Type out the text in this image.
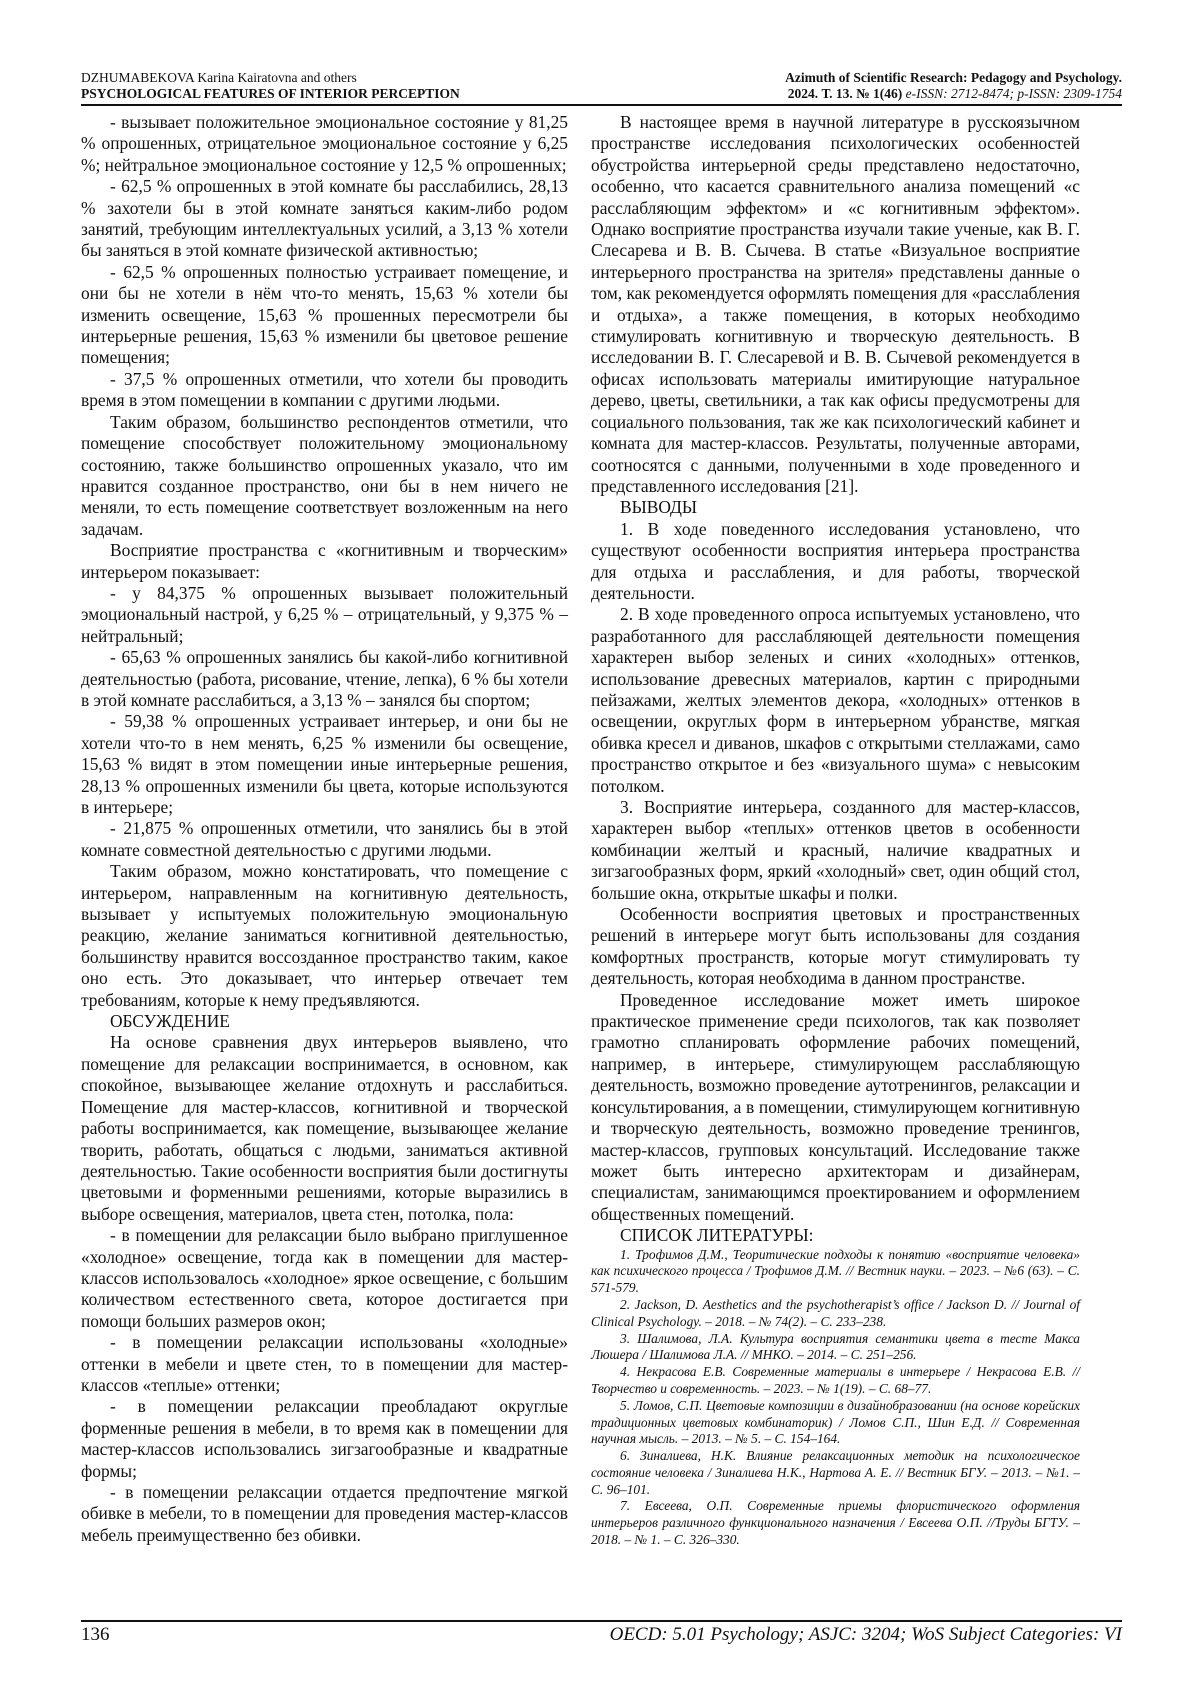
DZHUMABEKOVA Karina Kairatovna and others
PSYCHOLOGICAL FEATURES OF INTERIOR PERCEPTION
Azimuth of Scientific Research: Pedagogy and Psychology.
2024. Т. 13. № 1(46) e-ISSN: 2712-8474; p-ISSN: 2309-1754

- вызывает положительное эмоциональное состояние у 81,25 % опрошенных, отрицательное эмоциональное состояние у 6,25 %; нейтральное эмоциональное состояние у 12,5 % опрошенных;

- 62,5 % опрошенных в этой комнате бы расслабились, 28,13 % захотели бы в этой комнате заняться каким-либо родом занятий, требующим интеллектуальных усилий, а 3,13 % хотели бы заняться в этой комнате физической активностью;

- 62,5 % опрошенных полностью устраивает помещение, и они бы не хотели в нём что-то менять, 15,63 % хотели бы изменить освещение, 15,63 % прошенных пересмотрели бы интерьерные решения, 15,63 % изменили бы цветовое решение помещения;

- 37,5 % опрошенных отметили, что хотели бы проводить время в этом помещении в компании с другими людьми.

Таким образом, большинство респондентов отметили, что помещение способствует положительному эмоциональному состоянию, также большинство опрошенных указало, что им нравится созданное пространство, они бы в нем ничего не меняли, то есть помещение соответствует возложенным на него задачам.

Восприятие пространства с «когнитивным и творческим» интерьером показывает:

- у 84,375 % опрошенных вызывает положительный эмоциональный настрой, у 6,25 % – отрицательный, у 9,375 % – нейтральный;

- 65,63 % опрошенных занялись бы какой-либо когнитивной деятельностью (работа, рисование, чтение, лепка), 6 % бы хотели в этой комнате расслабиться, а 3,13 % – занялся бы спортом;

- 59,38 % опрошенных устраивает интерьер, и они бы не хотели что-то в нем менять, 6,25 % изменили бы освещение, 15,63 % видят в этом помещении иные интерьерные решения, 28,13 % опрошенных изменили бы цвета, которые используются в интерьере;

- 21,875 % опрошенных отметили, что занялись бы в этой комнате совместной деятельностью с другими людьми.

Таким образом, можно констатировать, что помещение с интерьером, направленным на когнитивную деятельность, вызывает у испытуемых положительную эмоциональную реакцию, желание заниматься когнитивной деятельностью, большинству нравится воссозданное пространство таким, какое оно есть. Это доказывает, что интерьер отвечает тем требованиям, которые к нему предъявляются.

ОБСУЖДЕНИЕ

На основе сравнения двух интерьеров выявлено, что помещение для релаксации воспринимается, в основном, как спокойное, вызывающее желание отдохнуть и расслабиться. Помещение для мастер-классов, когнитивной и творческой работы воспринимается, как помещение, вызывающее желание творить, работать, общаться с людьми, заниматься активной деятельностью. Такие особенности восприятия были достигнуты цветовыми и форменными решениями, которые выразились в выборе освещения, материалов, цвета стен, потолка, пола:

- в помещении для релаксации было выбрано приглушенное «холодное» освещение, тогда как в помещении для мастер-классов использовалось «холодное» яркое освещение, с большим количеством естественного света, которое достигается при помощи больших размеров окон;

- в помещении релаксации использованы «холодные» оттенки в мебели и цвете стен, то в помещении для мастер-классов «теплые» оттенки;

- в помещении релаксации преобладают округлые форменные решения в мебели, в то время как в помещении для мастер-классов использовались зигзагообразные и квадратные формы;

- в помещении релаксации отдается предпочтение мягкой обивке в мебели, то в помещении для проведения мастер-классов мебель преимущественно без обивки.

В настоящее время в научной литературе в русскоязычном пространстве исследования психологических особенностей обустройства интерьерной среды представлено недостаточно, особенно, что касается сравнительного анализа помещений «с расслабляющим эффектом» и «с когнитивным эффектом». Однако восприятие пространства изучали такие ученые, как В. Г. Слесарева и В. В. Сычева. В статье «Визуальное восприятие интерьерного пространства на зрителя» представлены данные о том, как рекомендуется оформлять помещения для «расслабления и отдыха», а также помещения, в которых необходимо стимулировать когнитивную и творческую деятельность. В исследовании В. Г. Слесаревой и В. В. Сычевой рекомендуется в офисах использовать материалы имитирующие натуральное дерево, цветы, светильники, а так как офисы предусмотрены для социального пользования, так же как психологический кабинет и комната для мастер-классов. Результаты, полученные авторами, соотносятся с данными, полученными в ходе проведенного и представленного исследования [21].

ВЫВОДЫ

1. В ходе поведенного исследования установлено, что существуют особенности восприятия интерьера пространства для отдыха и расслабления, и для работы, творческой деятельности.

2. В ходе проведенного опроса испытуемых установлено, что разработанного для расслабляющей деятельности помещения характерен выбор зеленых и синих «холодных» оттенков, использование древесных материалов, картин с природными пейзажами, желтых элементов декора, «холодных» оттенков в освещении, округлых форм в интерьерном убранстве, мягкая обивка кресел и диванов, шкафов с открытыми стеллажами, само пространство открытое и без «визуального шума» с невысоким потолком.

3. Восприятие интерьера, созданного для мастер-классов, характерен выбор «теплых» оттенков цветов в особенности комбинации желтый и красный, наличие квадратных и зигзагообразных форм, яркий «холодный» свет, один общий стол, большие окна, открытые шкафы и полки.

Особенности восприятия цветовых и пространственных решений в интерьере могут быть использованы для создания комфортных пространств, которые могут стимулировать ту деятельность, которая необходима в данном пространстве.

Проведенное исследование может иметь широкое практическое применение среди психологов, так как позволяет грамотно спланировать оформление рабочих помещений, например, в интерьере, стимулирующем расслабляющую деятельность, возможно проведение аутотренингов, релаксации и консультирования, а в помещении, стимулирующем когнитивную и творческую деятельность, возможно проведение тренингов, мастер-классов, групповых консультаций. Исследование также может быть интересно архитекторам и дизайнерам, специалистам, занимающимся проектированием и оформлением общественных помещений.

СПИСОК ЛИТЕРАТУРЫ:

1. Трофимов Д.М., Теоритические подходы к понятию «восприятие человека» как психического процесса / Трофимов Д.М. // Вестник науки. – 2023. – №6 (63). – С. 571-579.

2. Jackson, D. Aesthetics and the psychotherapist’s office / Jackson D. // Journal of Clinical Psychology. – 2018. – № 74(2). – С. 233–238.

3. Шалимова, Л.А. Культура восприятия семантики цвета в тесте Макса Люшера / Шалимова Л.А. // МНКО. – 2014. – С. 251–256.

4. Некрасова Е.В. Современные материалы в интерьере / Некрасова Е.В. // Творчество и современность. – 2023. – № 1(19). – С. 68–77.

5. Ломов, С.П. Цветовые композиции в дизайнобразовании (на основе корейских традиционных цветовых комбинаторик) / Ломов С.П., Шин Е.Д. // Современная научная мысль. – 2013. – № 5. – С. 154–164.

6. Зиналиева, Н.К. Влияние релаксационных методик на психологическое состояние человека / Зиналиева Н.К., Нартова А. Е. // Вестник БГУ. – 2013. – №1. – С. 96–101.

7. Евсеева, О.П. Современные приемы флористического оформления интерьеров различного функционального назначения / Евсеева О.П. //Труды БГТУ. – 2018. – № 1. – С. 326–330.

136	OECD: 5.01 Psychology; ASJC: 3204; WoS Subject Categories: VI
